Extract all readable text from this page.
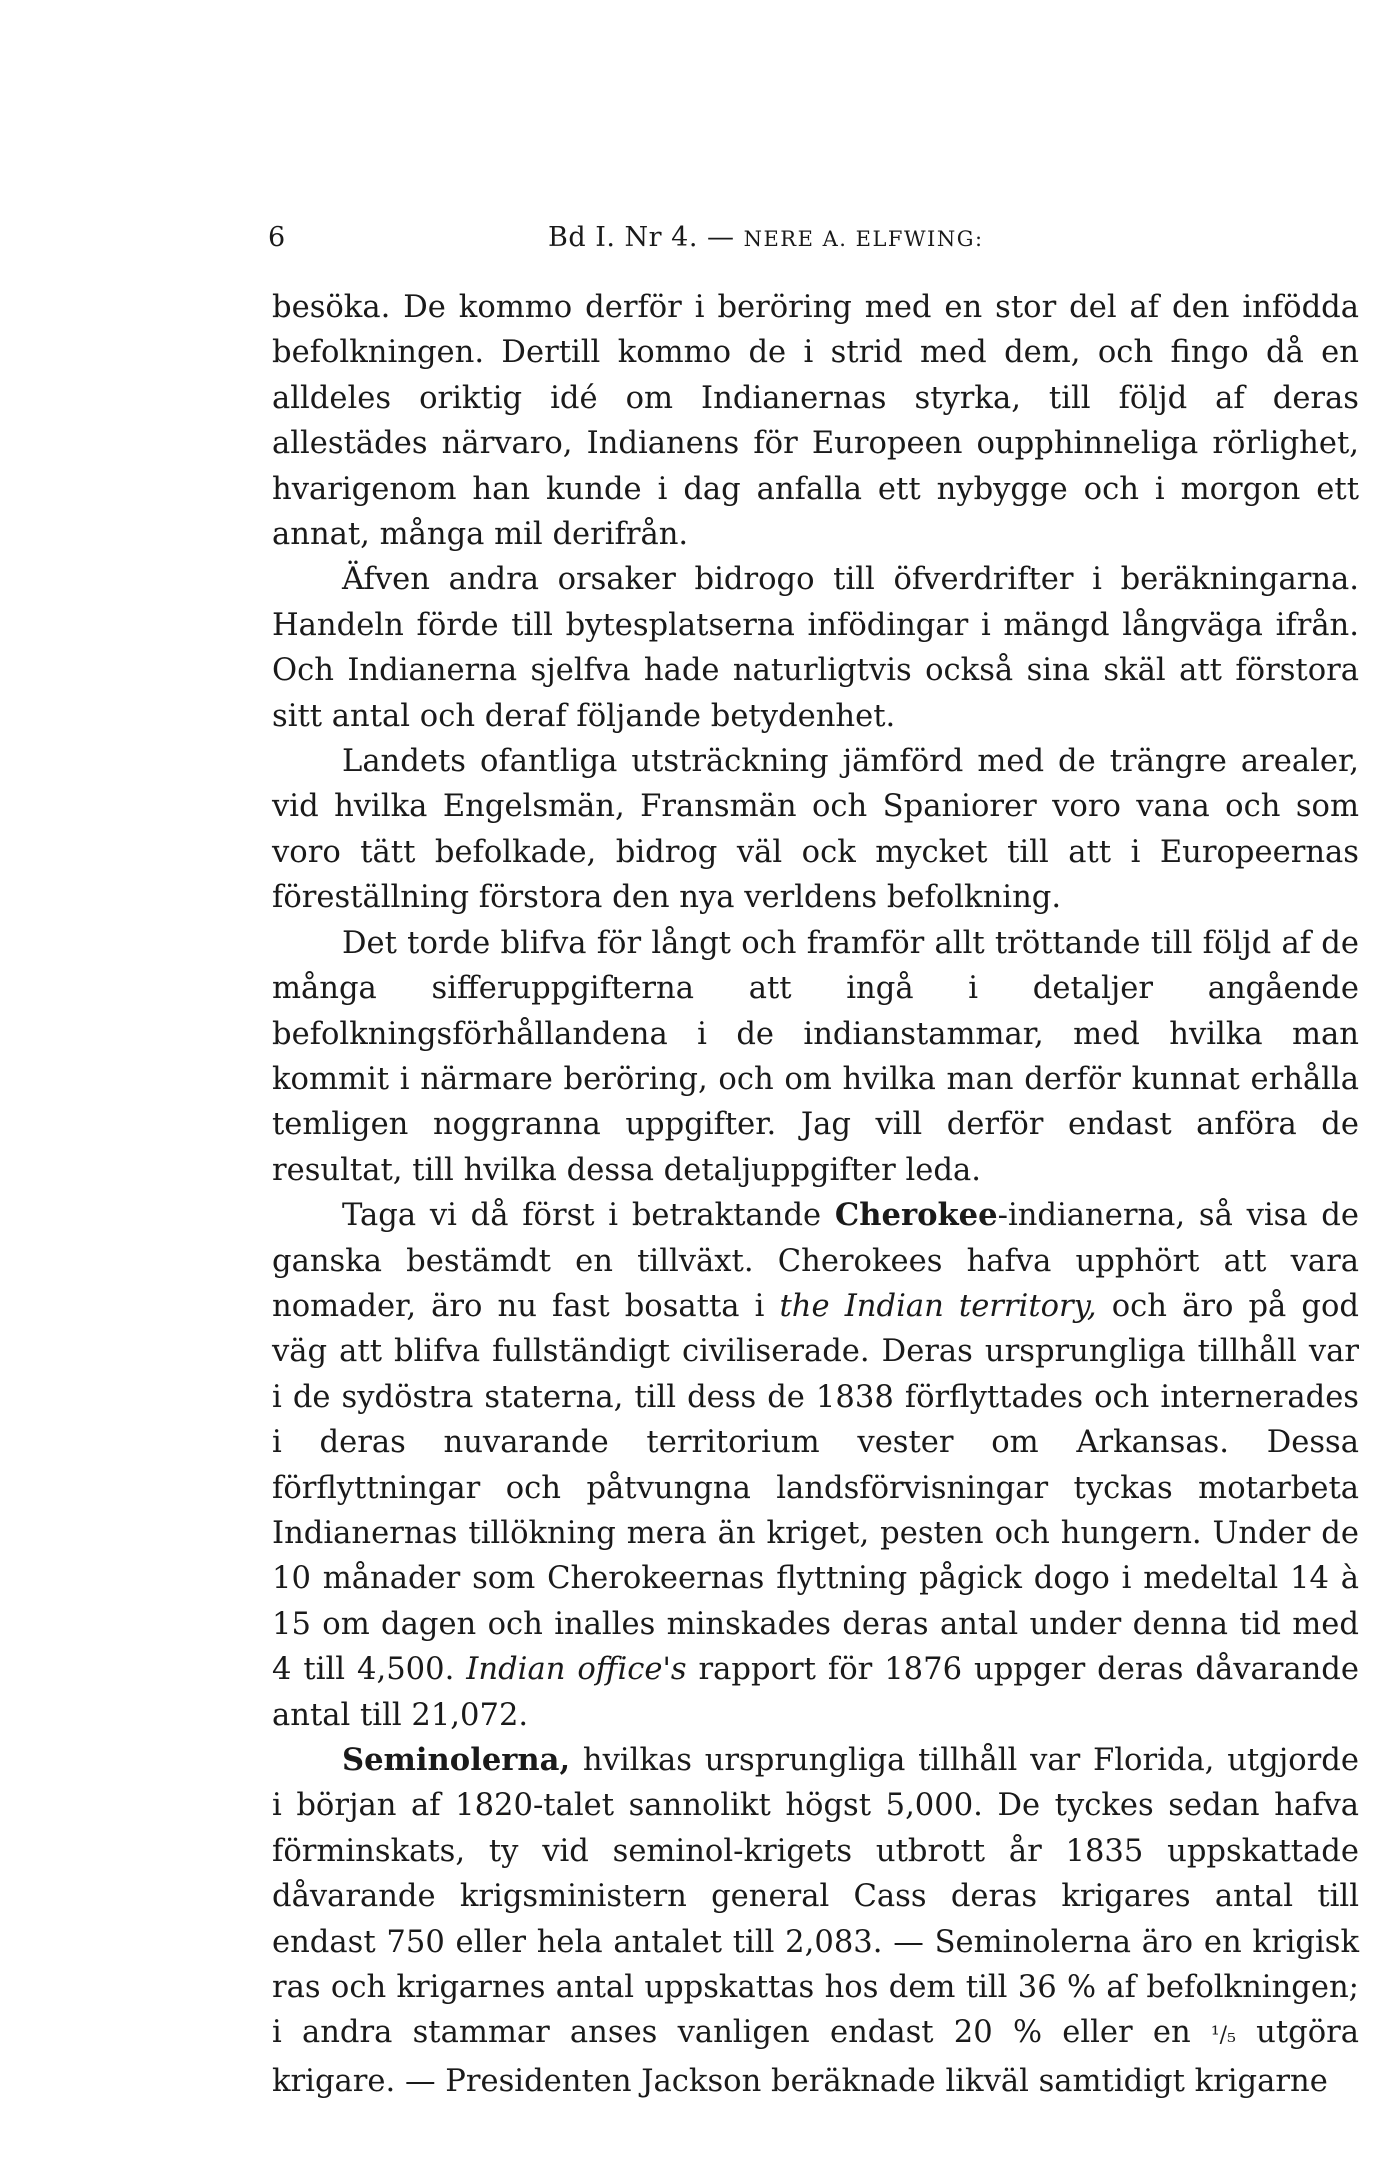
6	Bd I. Nr 4. — NERE A. ELFWING:

besöka. De kommo derför i beröring med en stor del af den infödda befolkningen. Dertill kommo de i strid med dem, och fingo då en alldeles oriktig idé om Indianernas styrka, till följd af deras allestädes närvaro, Indianens för Europeen oupphinneliga rörlighet, hvarigenom han kunde i dag anfalla ett nybygge och i morgon ett annat, många mil derifrån.

Äfven andra orsaker bidrogo till öfverdrifter i beräkningarna. Handeln förde till bytesplatserna infödingar i mängd långväga ifrån. Och Indianerna sjelfva hade naturligtvis också sina skäl att förstora sitt antal och deraf följande betydenhet.

Landets ofantliga utsträckning jämförd med de trängre arealer, vid hvilka Engelsmän, Fransmän och Spaniorer voro vana och som voro tätt befolkade, bidrog väl ock mycket till att i Europeernas föreställning förstora den nya verldens befolkning.

Det torde blifva för långt och framför allt tröttande till följd af de många sifferuppgifterna att ingå i detaljer angående befolkningsförhållandena i de indianstammar, med hvilka man kommit i närmare beröring, och om hvilka man derför kunnat erhålla temligen noggranna uppgifter. Jag vill derför endast anföra de resultat, till hvilka dessa detaljuppgifter leda.

Taga vi då först i betraktande Cherokee-indianerna, så visa de ganska bestämdt en tillväxt. Cherokees hafva upphört att vara nomader, äro nu fast bosatta i the Indian territory, och äro på god väg att blifva fullständigt civiliserade. Deras ursprungliga tillhåll var i de sydöstra staterna, till dess de 1838 förflyttades och internerades i deras nuvarande territorium vester om Arkansas. Dessa förflyttningar och påtvungna landsförvisningar tyckas motarbeta Indianernas tillökning mera än kriget, pesten och hungern. Under de 10 månader som Cherokeernas flyttning pågick dogo i medeltal 14 à 15 om dagen och inalles minskades deras antal under denna tid med 4 till 4,500. Indian office's rapport för 1876 uppger deras dåvarande antal till 21,072.

Seminolerna, hvilkas ursprungliga tillhåll var Florida, utgjorde i början af 1820-talet sannolikt högst 5,000. De tyckes sedan hafva förminskats, ty vid seminol-krigets utbrott år 1835 uppskattade dåvarande krigsministern general Cass deras krigares antal till endast 750 eller hela antalet till 2,083. — Seminolerna äro en krigisk ras och krigarnes antal uppskattas hos dem till 36 % af befolkningen; i andra stammar anses vanligen endast 20 % eller en ¹/₅ utgöra krigare. — Presidenten Jackson beräknade likväl samtidigt krigarne
